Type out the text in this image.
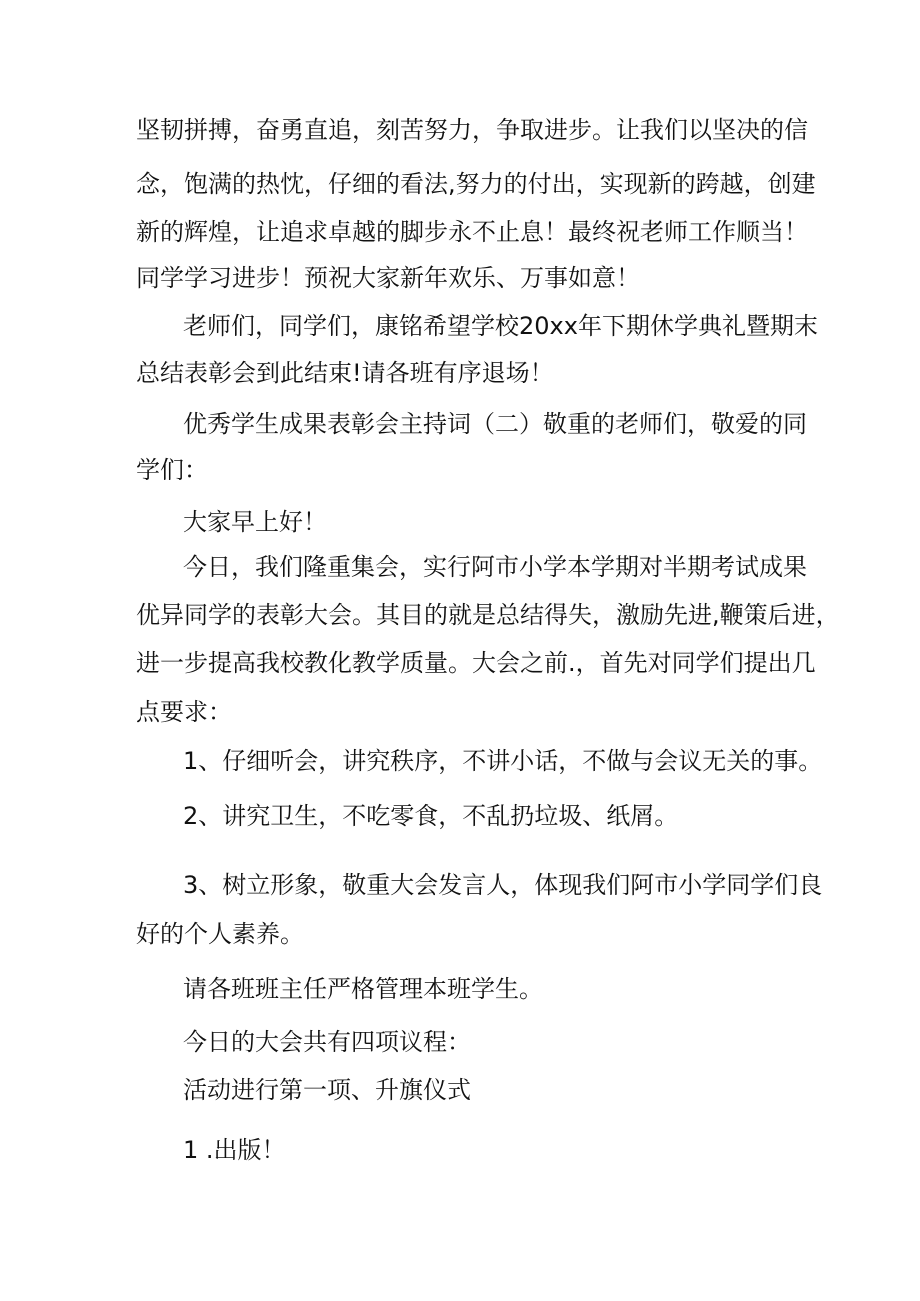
坚韧拼搏，奋勇直追，刻苦努力，争取进步。让我们以坚决的信
念，饱满的热忱，仔细的看法,努力的付出，实现新的跨越，创建
新的辉煌，让追求卓越的脚步永不止息！最终祝老师工作顺当！
同学学习进步！预祝大家新年欢乐、万事如意！
老师们，同学们，康铭希望学校20xx年下期休学典礼暨期末
总结表彰会到此结束!请各班有序退场！
优秀学生成果表彰会主持词（二）敬重的老师们，敬爱的同
学们：
大家早上好！
今日，我们隆重集会，实行阿市小学本学期对半期考试成果
优异同学的表彰大会。其目的就是总结得失，激励先进,鞭策后进，
进一步提高我校教化教学质量。大会之前.，首先对同学们提出几
点要求：
1、仔细听会，讲究秩序，不讲小话，不做与会议无关的事。
2、讲究卫生，不吃零食，不乱扔垃圾、纸屑。
3、树立形象，敬重大会发言人，体现我们阿市小学同学们良
好的个人素养。
请各班班主任严格管理本班学生。
今日的大会共有四项议程：
活动进行第一项、升旗仪式
1 .出版！
